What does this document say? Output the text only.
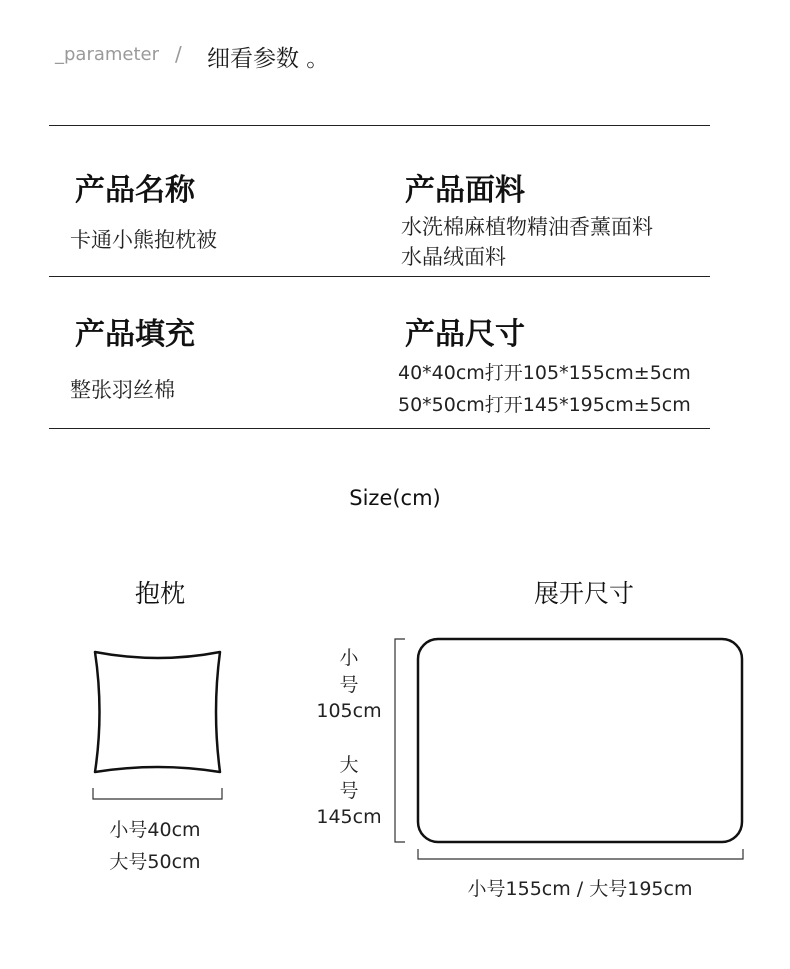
_parameter / 细看参数 。
产品名称
卡通小熊抱枕被
产品面料
水洗棉麻植物精油香薰面料
水晶绒面料
产品填充
整张羽丝棉
产品尺寸
40*40cm打开105*155cm±5cm
50*50cm打开145*195cm±5cm
Size(cm)
抱枕	展开尺寸
小号40cm
大号50cm
小
号
105cm
大
号
145cm
小号155cm / 大号195cm
